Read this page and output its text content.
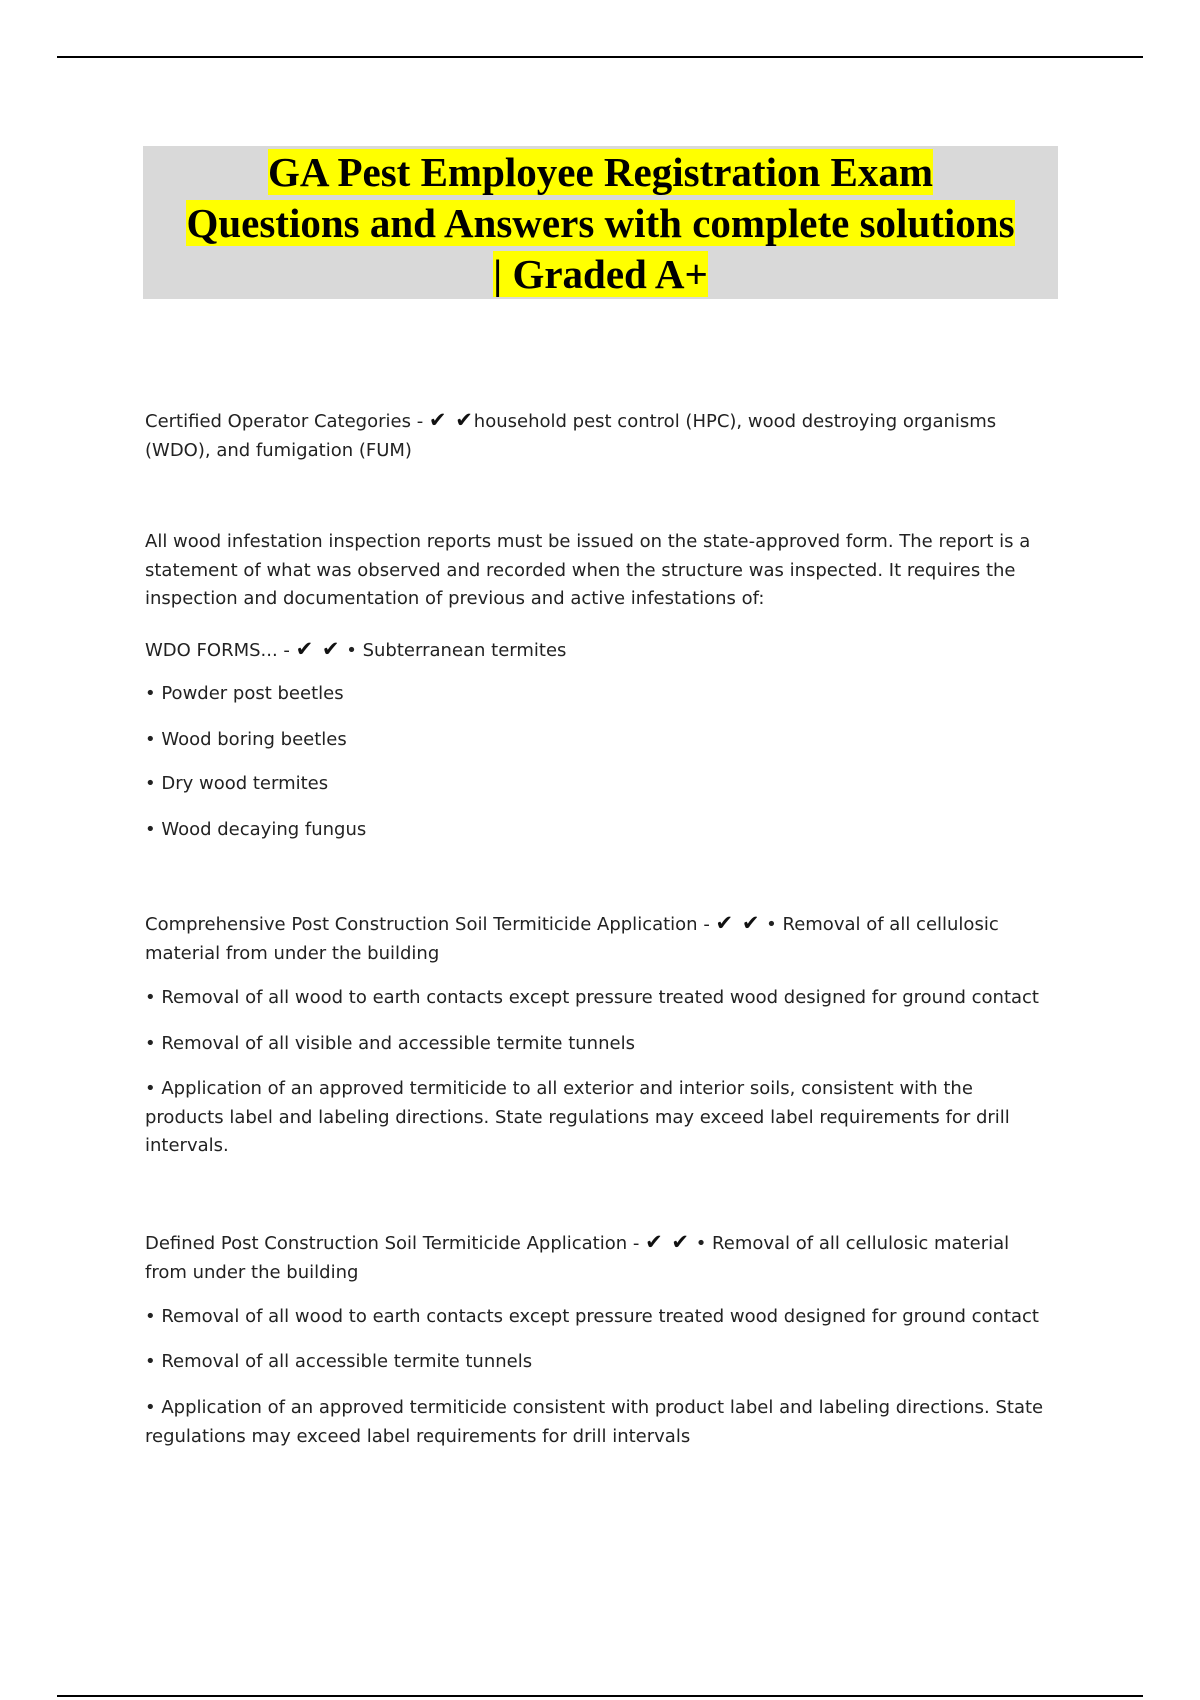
GA Pest Employee Registration Exam
Questions and Answers with complete solutions
| Graded A+

Certified Operator Categories - ✔ ✔household pest control (HPC), wood destroying organisms (WDO), and fumigation (FUM)

All wood infestation inspection reports must be issued on the state-approved form. The report is a statement of what was observed and recorded when the structure was inspected. It requires the inspection and documentation of previous and active infestations of:

WDO FORMS... - ✔ ✔ • Subterranean termites

• Powder post beetles

• Wood boring beetles

• Dry wood termites

• Wood decaying fungus

Comprehensive Post Construction Soil Termiticide Application - ✔ ✔ • Removal of all cellulosic material from under the building

• Removal of all wood to earth contacts except pressure treated wood designed for ground contact

• Removal of all visible and accessible termite tunnels

• Application of an approved termiticide to all exterior and interior soils, consistent with the products label and labeling directions. State regulations may exceed label requirements for drill intervals.

Defined Post Construction Soil Termiticide Application - ✔ ✔ • Removal of all cellulosic material from under the building

• Removal of all wood to earth contacts except pressure treated wood designed for ground contact

• Removal of all accessible termite tunnels

• Application of an approved termiticide consistent with product label and labeling directions. State regulations may exceed label requirements for drill intervals
